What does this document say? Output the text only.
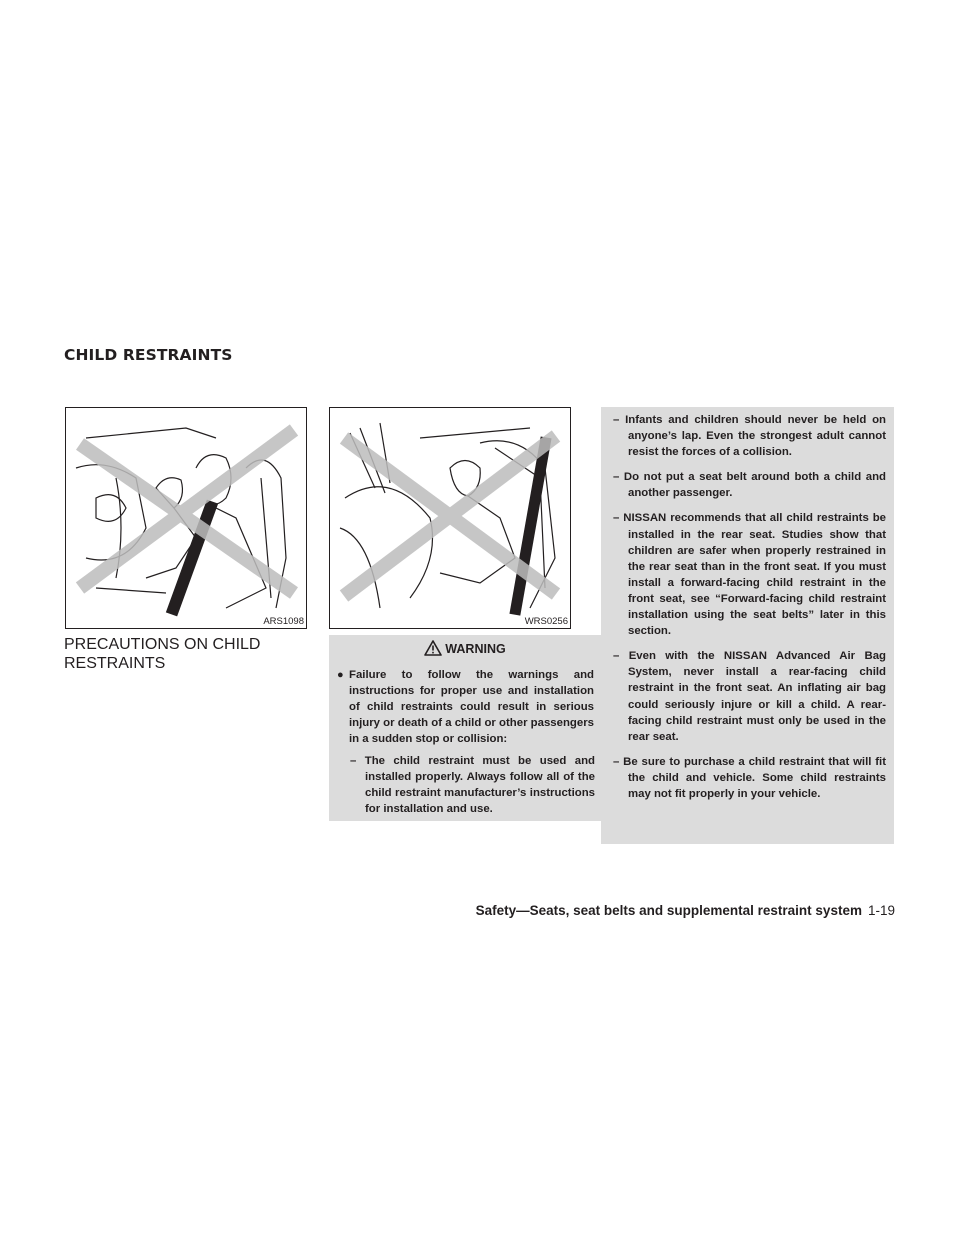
CHILD RESTRAINTS
ARS1098	WRS0256
PRECAUTIONS ON CHILD RESTRAINTS
WARNING
● Failure to follow the warnings and instructions for proper use and installation of child restraints could result in serious injury or death of a child or other passengers in a sudden stop or collision:

– The child restraint must be used and installed properly. Always follow all of the child restraint manufacturer’s instructions for installation and use.

– Infants and children should never be held on anyone’s lap. Even the strongest adult cannot resist the forces of a collision.

– Do not put a seat belt around both a child and another passenger.

– NISSAN recommends that all child restraints be installed in the rear seat. Studies show that children are safer when properly restrained in the rear seat than in the front seat. If you must install a forward-facing child restraint in the front seat, see “Forward-facing child restraint installation using the seat belts” later in this section.

– Even with the NISSAN Advanced Air Bag System, never install a rear-facing child restraint in the front seat. An inflating air bag could seriously injure or kill a child. A rear-facing child restraint must only be used in the rear seat.

– Be sure to purchase a child restraint that will fit the child and vehicle. Some child restraints may not fit properly in your vehicle.

Safety—Seats, seat belts and supplemental restraint system 1-19
